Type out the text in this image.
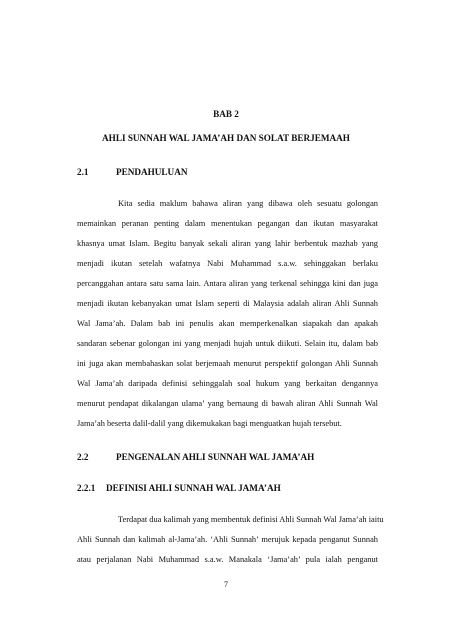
BAB 2
AHLI SUNNAH WAL JAMA’AH DAN SOLAT BERJEMAAH
2.1	PENDAHULUAN
Kita sedia maklum bahawa aliran yang dibawa oleh sesuatu golongan
memainkan peranan penting dalam menentukan pegangan dan ikutan masyarakat
khasnya umat Islam. Begitu banyak sekali aliran yang lahir berbentuk mazhab yang
menjadi ikutan setelah wafatnya Nabi Muhammad s.a.w. sehinggakan berlaku
percanggahan antara satu sama lain. Antara aliran yang terkenal sehingga kini dan juga
menjadi ikutan kebanyakan umat Islam seperti di Malaysia adalah aliran Ahli Sunnah
Wal Jama’ah. Dalam bab ini penulis akan memperkenalkan siapakah dan apakah
sandaran sebenar golongan ini yang menjadi hujah untuk diikuti. Selain itu, dalam bab
ini juga akan membahaskan solat berjemaah menurut perspektif golongan Ahli Sunnah
Wal Jama’ah daripada definisi sehinggalah soal hukum yang berkaitan dengannya
menurut pendapat dikalangan ulama’ yang bernaung di bawah aliran Ahli Sunnah Wal
Jama’ah beserta dalil-dalil yang dikemukakan bagi menguatkan hujah tersebut.
2.2	PENGENALAN AHLI SUNNAH WAL JAMA’AH
2.2.1 DEFINISI AHLI SUNNAH WAL JAMA’AH
Terdapat dua kalimah yang membentuk definisi Ahli Sunnah Wal Jama’ah iaitu
Ahli Sunnah dan kalimah al-Jama’ah. ‘Ahli Sunnah’ merujuk kepada penganut Sunnah
atau perjalanan Nabi Muhammad s.a.w. Manakala ‘Jama’ah’ pula ialah penganut
7
